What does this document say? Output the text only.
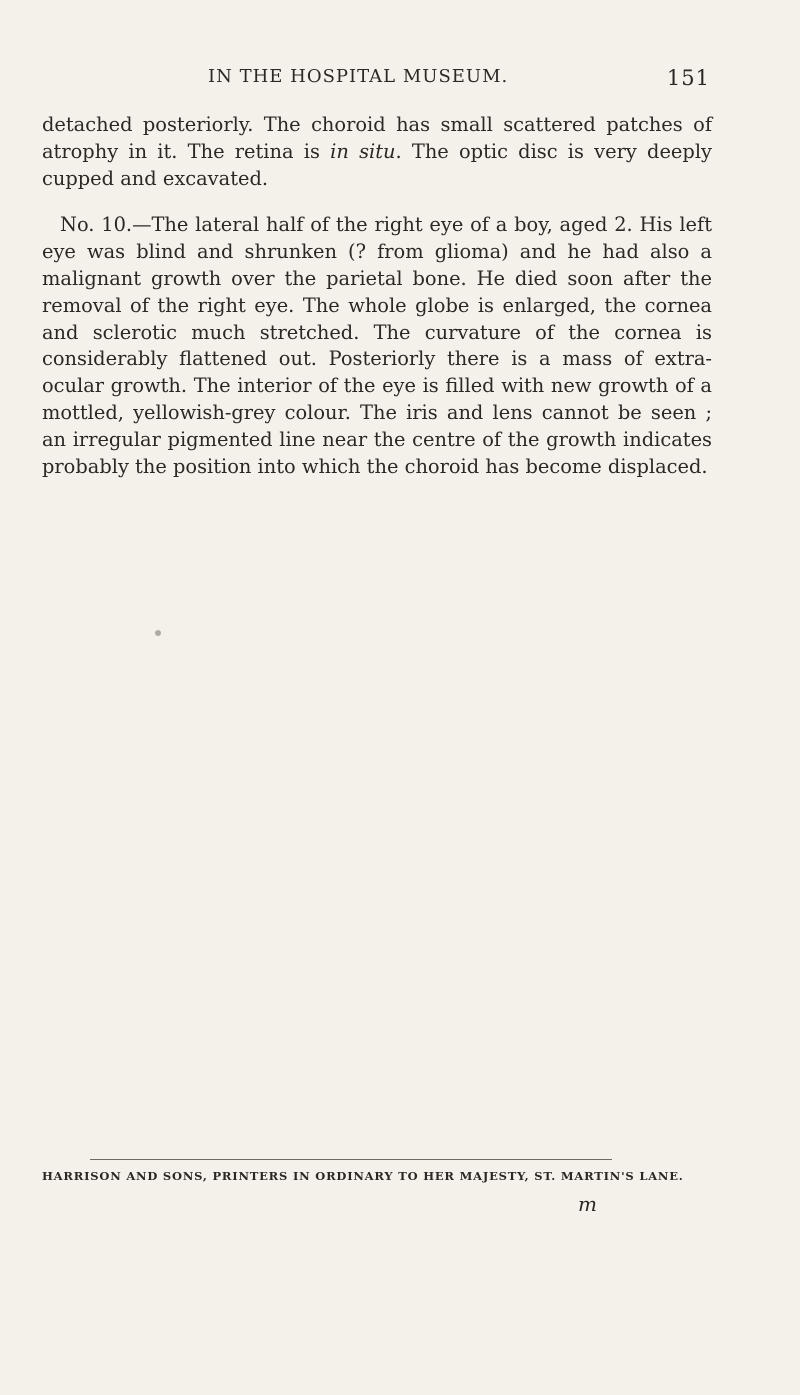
IN THE HOSPITAL MUSEUM.	151

detached posteriorly. The choroid has small scattered patches of atrophy in it. The retina is in situ. The optic disc is very deeply cupped and excavated.

No. 10.—The lateral half of the right eye of a boy, aged 2. His left eye was blind and shrunken (? from glioma) and he had also a malignant growth over the parietal bone. He died soon after the removal of the right eye. The whole globe is enlarged, the cornea and sclerotic much stretched. The curvature of the cornea is considerably flattened out. Posteriorly there is a mass of extra-ocular growth. The interior of the eye is filled with new growth of a mottled, yellowish-grey colour. The iris and lens cannot be seen ; an irregular pigmented line near the centre of the growth indicates probably the position into which the choroid has become displaced.

HARRISON AND SONS, PRINTERS IN ORDINARY TO HER MAJESTY, ST. MARTIN'S LANE.
m
